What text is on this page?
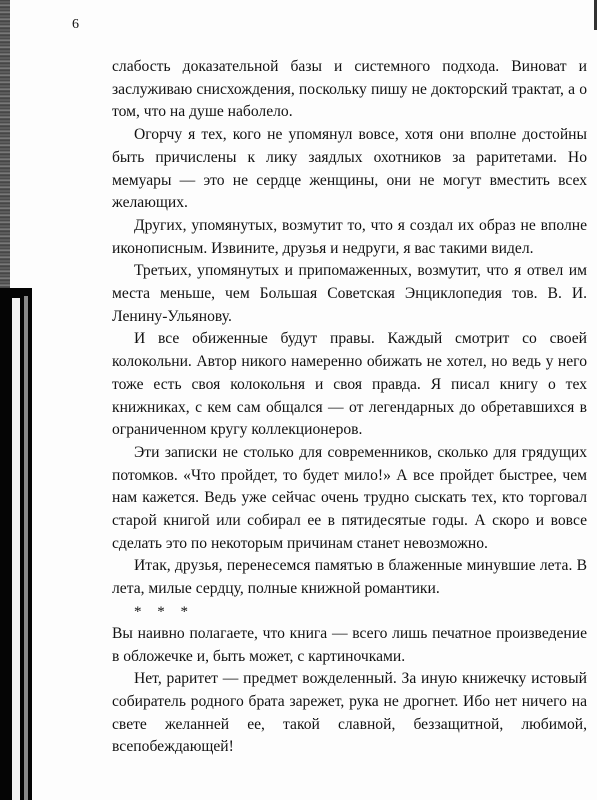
6

слабость доказательной базы и системного подхода. Виноват и заслуживаю снисхождения, поскольку пишу не докторский трактат, а о том, что на душе наболело.

Огорчу я тех, кого не упомянул вовсе, хотя они вполне достойны быть причислены к лику заядлых охотников за раритетами. Но мемуары — это не сердце женщины, они не могут вместить всех желающих.

Других, упомянутых, возмутит то, что я создал их образ не вполне иконописным. Извините, друзья и недруги, я вас такими видел.

Третьих, упомянутых и припомаженных, возмутит, что я отвел им места меньше, чем Большая Советская Энциклопедия тов. В. И. Ленину-Ульянову.

И все обиженные будут правы. Каждый смотрит со своей колокольни. Автор никого намеренно обижать не хотел, но ведь у него тоже есть своя колокольня и своя правда. Я писал книгу о тех книжниках, с кем сам общался — от легендарных до обретавшихся в ограниченном кругу коллекционеров.

Эти записки не столько для современников, сколько для грядущих потомков. «Что пройдет, то будет мило!» А все пройдет быстрее, чем нам кажется. Ведь уже сейчас очень трудно сыскать тех, кто торговал старой книгой или собирал ее в пятидесятые годы. А скоро и вовсе сделать это по некоторым причинам станет невозможно.

Итак, друзья, перенесемся памятью в блаженные минувшие лета. В лета, милые сердцу, полные книжной романтики.

* * *

Вы наивно полагаете, что книга — всего лишь печатное произведение в обложечке и, быть может, с картиночками.

Нет, раритет — предмет вожделенный. За иную книжечку истовый собиратель родного брата зарежет, рука не дрогнет. Ибо нет ничего на свете желанней ее, такой славной, беззащитной, любимой, всепобеждающей!
